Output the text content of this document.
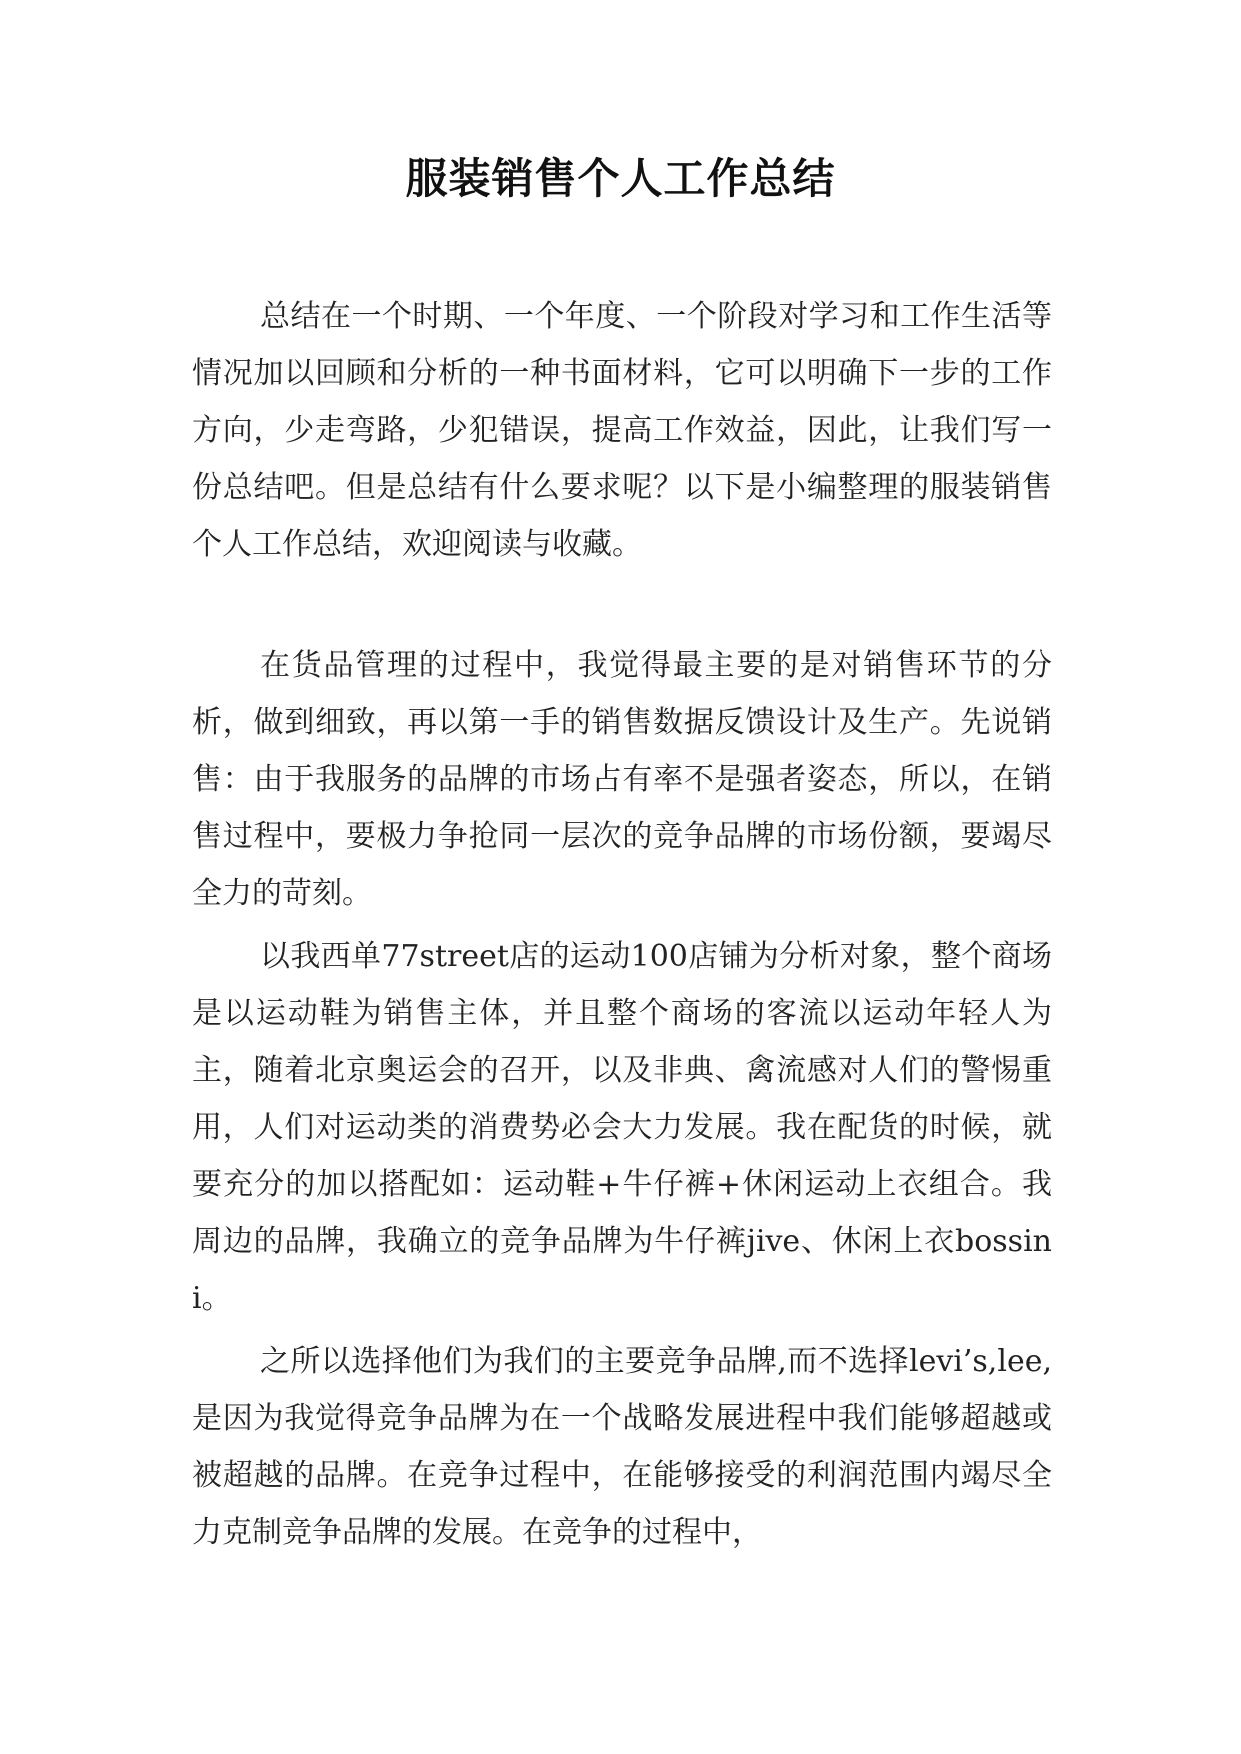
服装销售个人工作总结

总结在一个时期、一个年度、一个阶段对学习和工作生活等情况加以回顾和分析的一种书面材料，它可以明确下一步的工作方向，少走弯路，少犯错误，提高工作效益，因此，让我们写一份总结吧。但是总结有什么要求呢？以下是小编整理的服装销售个人工作总结，欢迎阅读与收藏。

在货品管理的过程中，我觉得最主要的是对销售环节的分析，做到细致，再以第一手的销售数据反馈设计及生产。先说销售：由于我服务的品牌的市场占有率不是强者姿态，所以，在销售过程中，要极力争抢同一层次的竞争品牌的市场份额，要竭尽全力的苛刻。

以我西单77street店的运动100店铺为分析对象，整个商场是以运动鞋为销售主体，并且整个商场的客流以运动年轻人为主，随着北京奥运会的召开，以及非典、禽流感对人们的警惕重用，人们对运动类的消费势必会大力发展。我在配货的时候，就要充分的加以搭配如：运动鞋+牛仔裤+休闲运动上衣组合。我周边的品牌，我确立的竞争品牌为牛仔裤jive、休闲上衣bossini。

之所以选择他们为我们的主要竞争品牌,而不选择levi’s,lee,是因为我觉得竞争品牌为在一个战略发展进程中我们能够超越或被超越的品牌。在竞争过程中，在能够接受的利润范围内竭尽全力克制竞争品牌的发展。在竞争的过程中，
